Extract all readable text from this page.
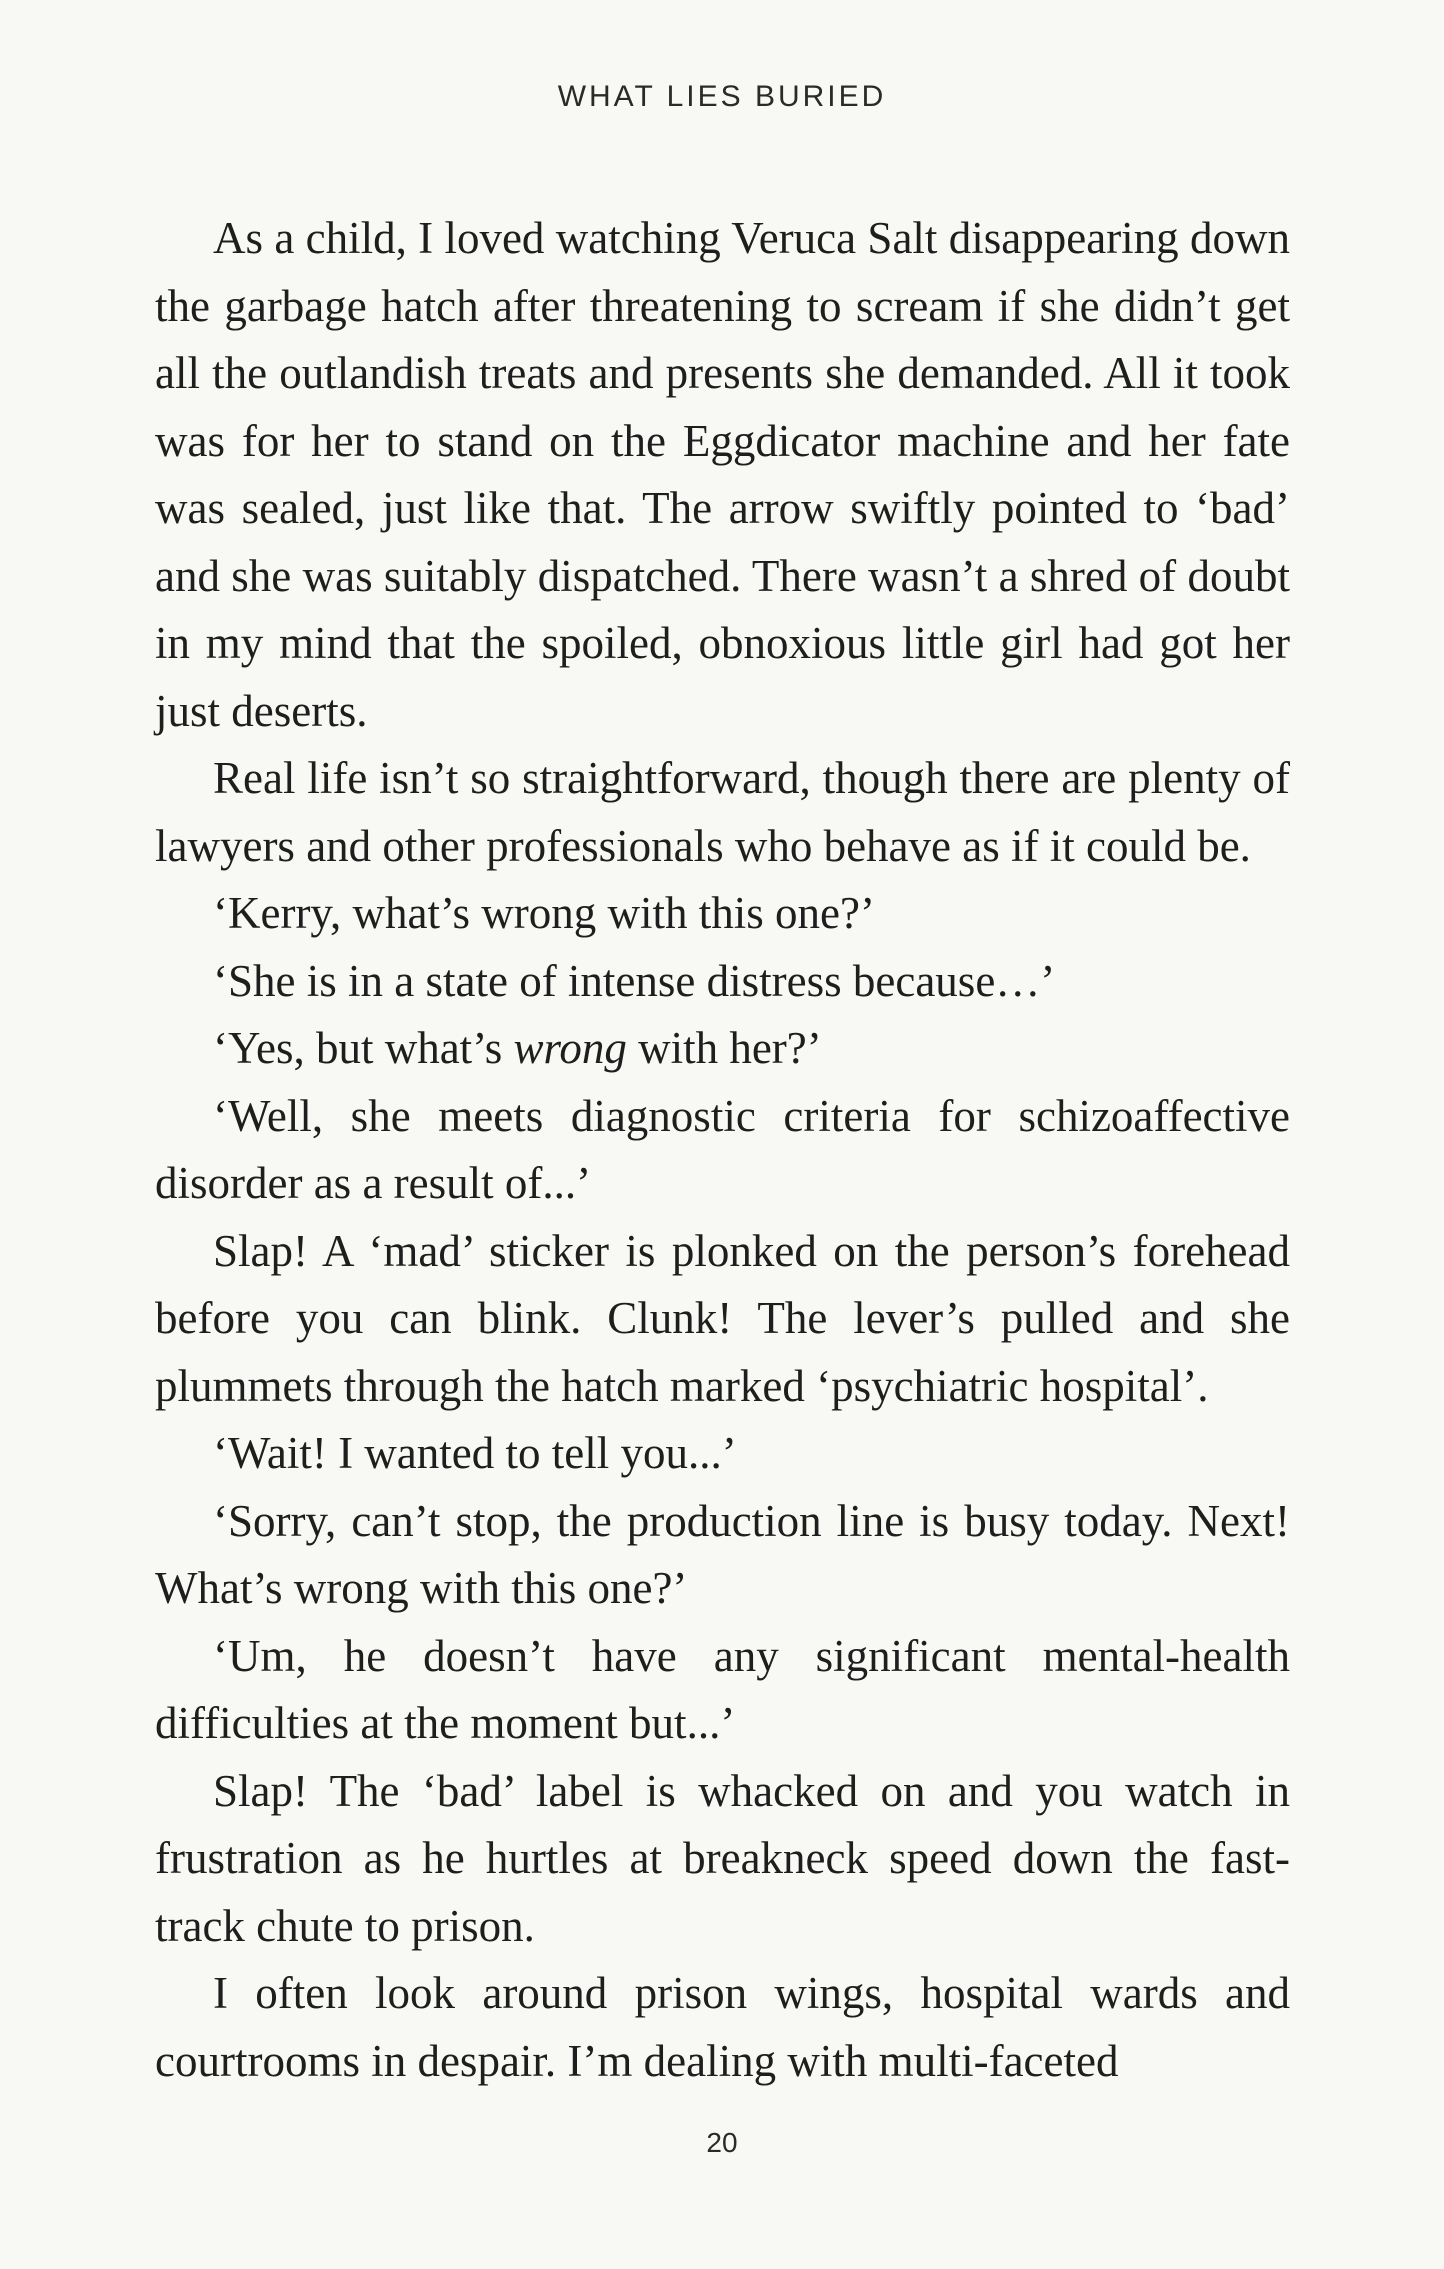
WHAT LIES BURIED

As a child, I loved watching Veruca Salt disappearing down the garbage hatch after threatening to scream if she didn’t get all the outlandish treats and presents she demanded. All it took was for her to stand on the Eggdicator machine and her fate was sealed, just like that. The arrow swiftly pointed to ‘bad’ and she was suitably dispatched. There wasn’t a shred of doubt in my mind that the spoiled, obnoxious little girl had got her just deserts.

Real life isn’t so straightforward, though there are plenty of lawyers and other professionals who behave as if it could be.

‘Kerry, what’s wrong with this one?’

‘She is in a state of intense distress because…’

‘Yes, but what’s wrong with her?’

‘Well, she meets diagnostic criteria for schizoaffective disorder as a result of...’

Slap! A ‘mad’ sticker is plonked on the person’s forehead before you can blink. Clunk! The lever’s pulled and she plummets through the hatch marked ‘psychiatric hospital’.

‘Wait! I wanted to tell you...’

‘Sorry, can’t stop, the production line is busy today. Next! What’s wrong with this one?’

‘Um, he doesn’t have any significant mental-health difficulties at the moment but...’

Slap! The ‘bad’ label is whacked on and you watch in frustration as he hurtles at breakneck speed down the fast-track chute to prison.

I often look around prison wings, hospital wards and courtrooms in despair. I’m dealing with multi-faceted

20
